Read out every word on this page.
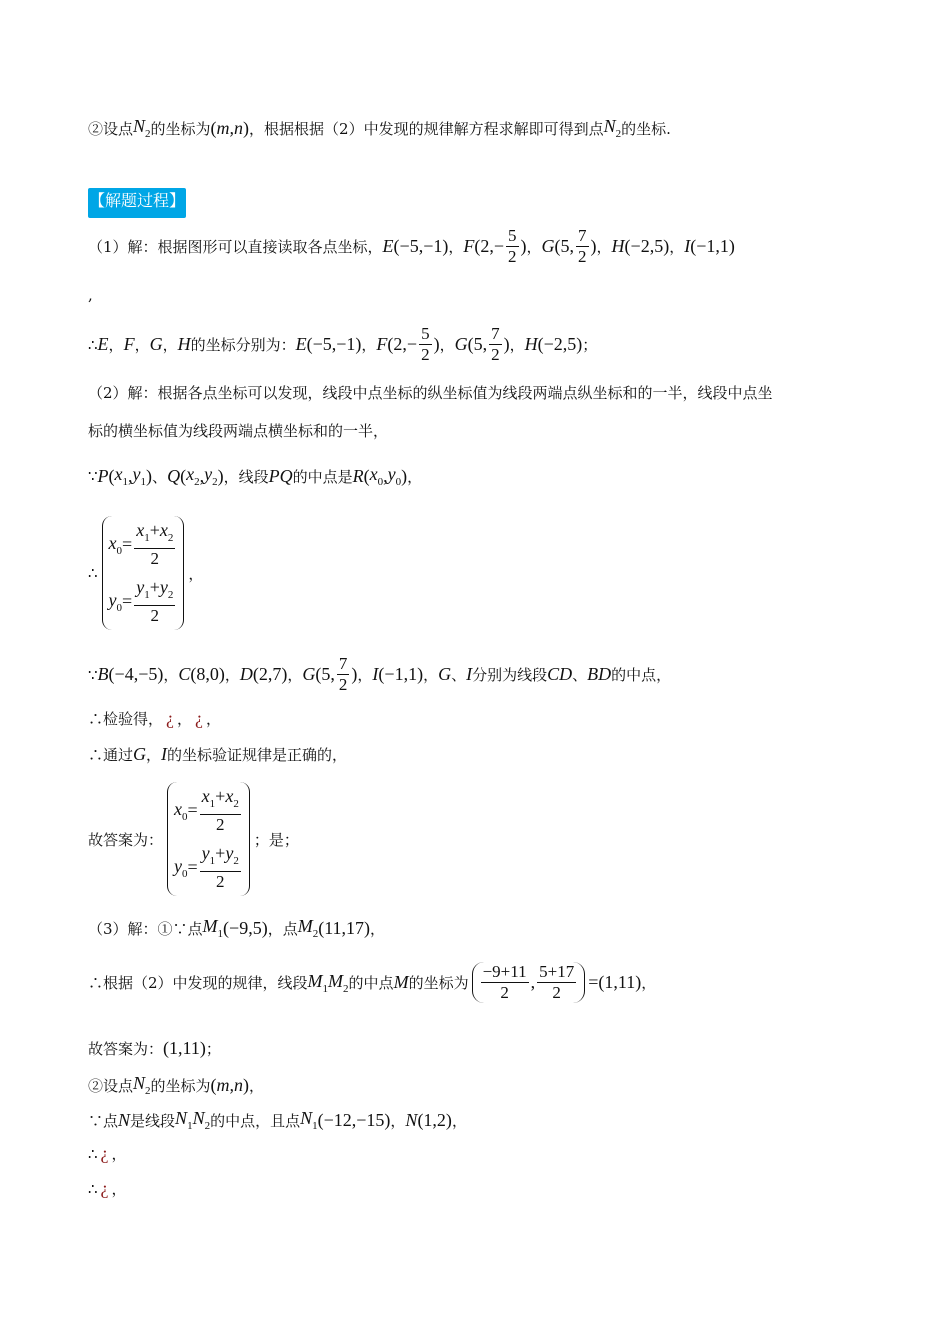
【解题过程】
②设点 $N_2$ 的坐标为 ( m,n ) ，根据根据（2）中发现的规律解方程求解即可得到点 $N_2$ 的坐标.
（1）解：根据图形可以直接读取各点坐标， E (−5,−1) ， F ($2,- \frac{5}{2}$ ) ， G (5, $\frac{7}{2}$ ) ， H (−2,5) ， I (−1,1)
,
∴ E ， F ， G ， H 的坐标分别为： E (−5,−1) ， F ($2,- \frac{5}{2}$ ) ， G (5, $\frac{7}{2}$ ) ， H (−2,5) ；
（2）解：根据各点坐标可以发现，线段中点坐标的纵坐标值为线段两端点纵坐标和的一半，线段中点坐
标的横坐标值为线段两端点横坐标和的一半，
∵ P ( $x_1$ , $y_1$ ) 、 Q ( $x_2$ , $y_2$ ) ，线段 PQ 的中点是 R ( $x_0$ , $y_0$ ) ，
∴
$x_0 = \frac{x_1+x_2}{2}$
$y_0 = \frac{y_1+y_2}{2}$
，
∵ B (−4,−5) ， C (8,0) ， D (2,7) ， G (5, $\frac{7}{2}$ ) ， I (−1,1) ， G 、 I 分别为线段 CD 、 BD 的中点，
∴检验得， ¿ ， ¿ ，
∴通过 G ， I 的坐标验证规律是正确的，
故答案为：
$x_0 = \frac{x_1+x_2}{2}$
$y_0 = \frac{y_1+y_2}{2}$
；是；
（3）解：①∵点 $M_1$ (−9,5) ，点 $M_2$ (11,17) ，
∴根据（2）中发现的规律，线段 $M_1$ $M_2$ 的中点 M 的坐标为 $\frac{-9+11}{2}$ , $\frac{5+17}{2} =(1,11)$ ，
故答案为： (1,11) ；
②设点 $N_2$ 的坐标为 ( m,n ) ，
∵点 N 是线段 $N_1$ $N_2$ 的中点，且点 $N_1$ (−12,−15) ， N (1,2) ，
∴ ¿ ，
∴ ¿ ，
